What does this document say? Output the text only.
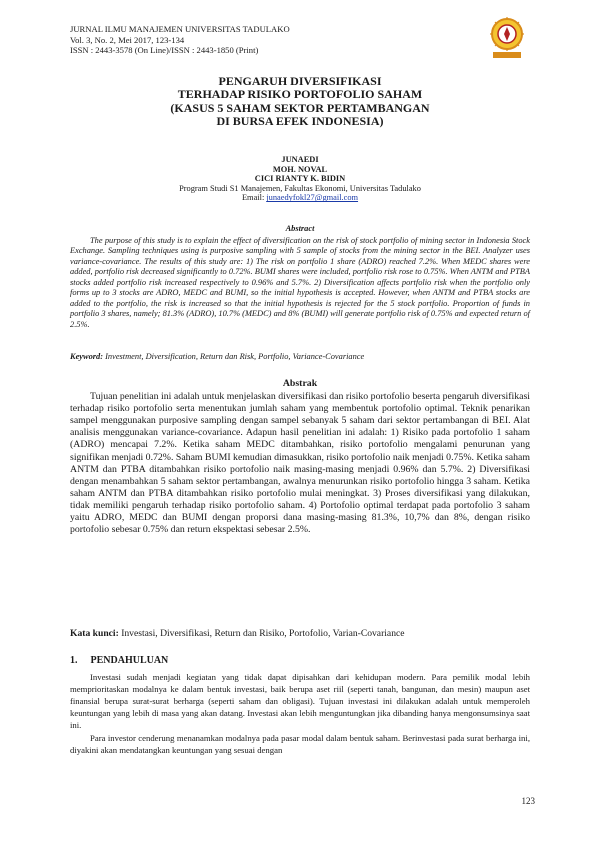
JURNAL ILMU MANAJEMEN UNIVERSITAS TADULAKO
Vol. 3, No. 2, Mei 2017, 123-134
ISSN : 2443-3578 (On Line)/ISSN : 2443-1850 (Print)
PENGARUH DIVERSIFIKASI
TERHADAP RISIKO PORTOFOLIO SAHAM
(KASUS 5 SAHAM SEKTOR PERTAMBANGAN
DI BURSA EFEK INDONESIA)
JUNAEDI
MOH. NOVAL
CICI RIANTY K. BIDIN
Program Studi S1 Manajemen, Fakultas Ekonomi, Universitas Tadulako
Email: junaedyfokl27@gmail.com
Abstract

The purpose of this study is to explain the effect of diversification on the risk of stock portfolio of mining sector in Indonesia Stock Exchange. Sampling techniques using is purposive sampling with 5 sample of stocks from the mining sector in the BEI. Analyzer uses variance-covariance. The results of this study are: 1) The risk on portfolio 1 share (ADRO) reached 7.2%. When MEDC shares were added, portfolio risk decreased significantly to 0.72%. BUMI shares were included, portfolio risk rose to 0.75%. When ANTM and PTBA stocks added portfolio risk increased respectively to 0.96% and 5.7%. 2) Diversification affects portfolio risk when the portfolio only forms up to 3 stocks are ADRO, MEDC and BUMI, so the initial hypothesis is accepted. However, when ANTM and PTBA stocks are added to the portfolio, the risk is increased so that the initial hypothesis is rejected for the 5 stock portfolio. Proportion of funds in portfolio 3 shares, namely; 81.3% (ADRO), 10.7% (MEDC) and 8% (BUMI) will generate portfolio risk of 0.75% and expected return of 2.5%.

Keyword: Investment, Diversification, Return dan Risk, Portfolio, Variance-Covariance
Abstrak

Tujuan penelitian ini adalah untuk menjelaskan diversifikasi dan risiko portofolio beserta pengaruh diversifikasi terhadap risiko portofolio serta menentukan jumlah saham yang membentuk portofolio optimal. Teknik penarikan sampel menggunakan purposive sampling dengan sampel sebanyak 5 saham dari sektor pertambangan di BEI. Alat analisis menggunakan variance-covariance. Adapun hasil penelitian ini adalah: 1) Risiko pada portofolio 1 saham (ADRO) mencapai 7.2%. Ketika saham MEDC ditambahkan, risiko portofolio mengalami penurunan yang signifikan menjadi 0.72%. Saham BUMI kemudian dimasukkan, risiko portofolio naik menjadi 0.75%. Ketika saham ANTM dan PTBA ditambahkan risiko portofolio naik masing-masing menjadi 0.96% dan 5.7%. 2) Diversifikasi dengan menambahkan 5 saham sektor pertambangan, awalnya menurunkan risiko portofolio hingga 3 saham. Ketika saham ANTM dan PTBA ditambahkan risiko portofolio mulai meningkat. 3) Proses diversifikasi yang dilakukan, tidak memiliki pengaruh terhadap risiko portofolio saham. 4) Portofolio optimal terdapat pada portofolio 3 saham yaitu ADRO, MEDC dan BUMI dengan proporsi dana masing-masing 81.3%, 10,7% dan 8%, dengan risiko portofolio sebesar 0.75% dan return ekspektasi sebesar 2.5%.

Kata kunci: Investasi, Diversifikasi, Return dan Risiko, Portofolio, Varian-Covariance
1. PENDAHULUAN

Investasi sudah menjadi kegiatan yang tidak dapat dipisahkan dari kehidupan modern. Para pemilik modal lebih memprioritaskan modalnya ke dalam bentuk investasi, baik berupa aset riil (seperti tanah, bangunan, dan mesin) maupun aset finansial berupa surat-surat berharga (seperti saham dan obligasi). Tujuan investasi ini dilakukan adalah untuk memperoleh keuntungan yang lebih di masa yang akan datang. Investasi akan lebih menguntungkan jika dibanding hanya mengonsumsinya saat ini.

Para investor cenderung menanamkan modalnya pada pasar modal dalam bentuk saham. Berinvestasi pada surat berharga ini, diyakini akan mendatangkan keuntungan yang sesuai dengan

123
